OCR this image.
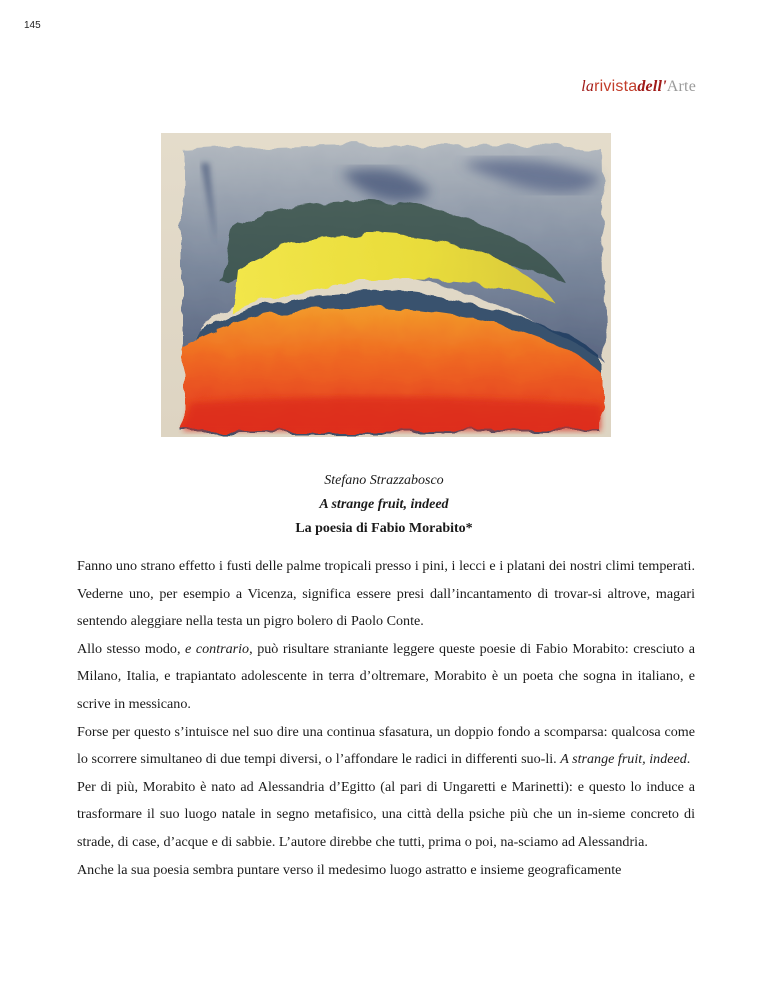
145
larivistadell'Arte
Stefano Strazzabosco
A strange fruit, indeed
La poesia di Fabio Morabito*

Fanno uno strano effetto i fusti delle palme tropicali presso i pini, i lecci e i platani dei nostri climi temperati. Vederne uno, per esempio a Vicenza, significa essere presi dall’incantamento di trovar-si altrove, magari sentendo aleggiare nella testa un pigro bolero di Paolo Conte.

Allo stesso modo, e contrario, può risultare straniante leggere queste poesie di Fabio Morabito: cresciuto a Milano, Italia, e trapiantato adolescente in terra d’oltremare, Morabito è un poeta che sogna in italiano, e scrive in messicano.

Forse per questo s’intuisce nel suo dire una continua sfasatura, un doppio fondo a scomparsa: qualcosa come lo scorrere simultaneo di due tempi diversi, o l’affondare le radici in differenti suo-li. A strange fruit, indeed.

Per di più, Morabito è nato ad Alessandria d’Egitto (al pari di Ungaretti e Marinetti): e questo lo induce a trasformare il suo luogo natale in segno metafisico, una città della psiche più che un in-sieme concreto di strade, di case, d’acque e di sabbie. L’autore direbbe che tutti, prima o poi, na-sciamo ad Alessandria.

Anche la sua poesia sembra puntare verso il medesimo luogo astratto e insieme geograficamente
